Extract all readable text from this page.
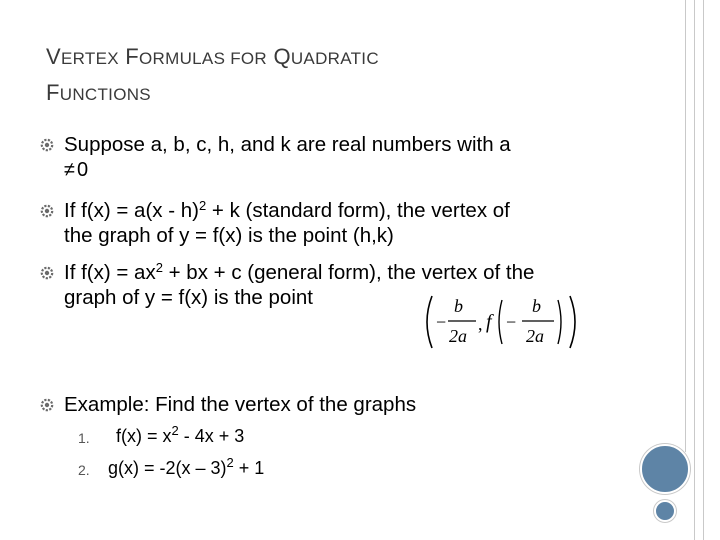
VERTEX FORMULAS FOR QUADRATIC
FUNCTIONS
Suppose a, b, c, h, and k are real numbers with a
≠0
If f(x) = a(x - h)$^2$ + k (standard form), the vertex of
the graph of y = f(x) is the point (h,k)
If $f(x) = ax^2$ + bx + c (general form), the vertex of the
graph of y = f(x) is the point
−
b
2a
, f −
b
2a
Example: Find the vertex of the graphs
1. $f(x) = x^2 - 4x + 3$
2. g(x) = -2(x – 3)$^2$ + 1
